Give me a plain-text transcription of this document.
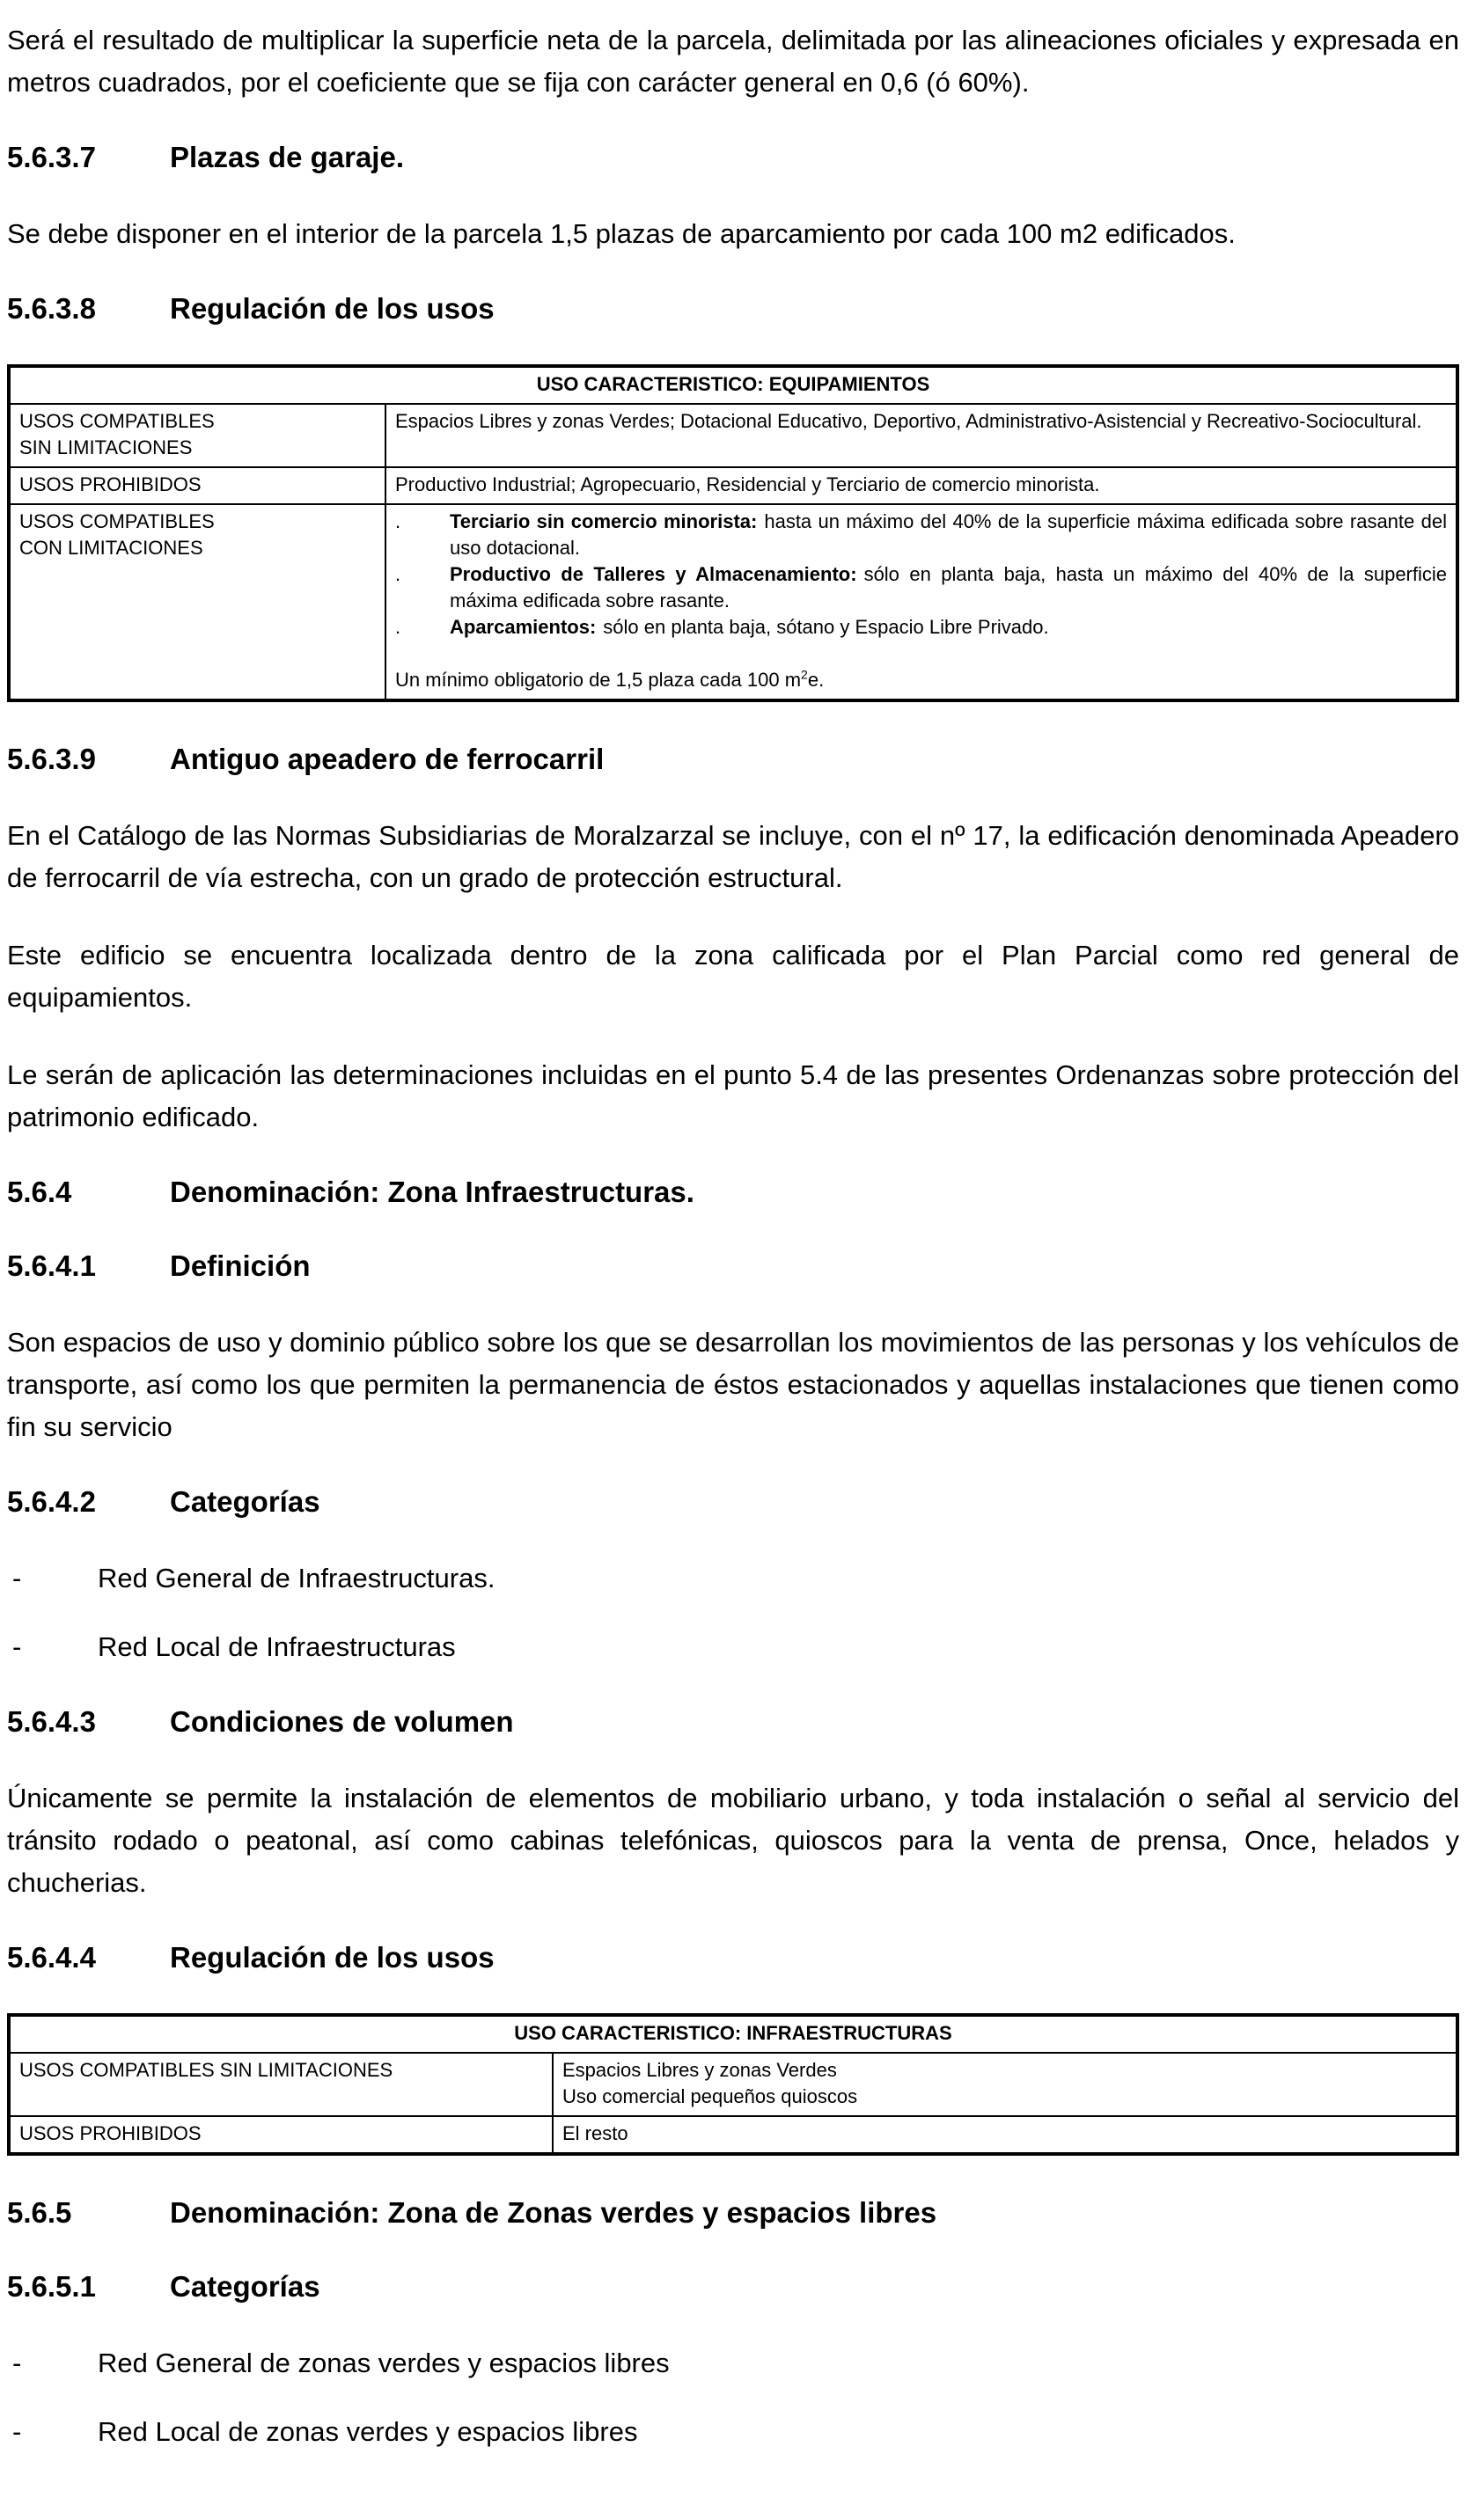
Será el resultado de multiplicar la superficie neta de la parcela, delimitada por las alineaciones oficiales y expresada en metros cuadrados, por el coeficiente que se fija con carácter general en 0,6 (ó 60%).

5.6.3.7	Plazas de garaje.

Se debe disponer en el interior de la parcela 1,5 plazas de aparcamiento por cada 100 m2 edificados.

5.6.3.8	Regulación de los usos
USO CARACTERISTICO: EQUIPAMIENTOS	

USOS COMPATIBLES
SIN LIMITACIONES	Espacios Libres y zonas Verdes; Dotacional Educativo, Deportivo, Administrativo-Asistencial y Recreativo-Sociocultural.
USOS PROHIBIDOS	Productivo Industrial; Agropecuario, Residencial y Terciario de comercio minorista.

USOS COMPATIBLES
CON LIMITACIONES

.	Terciario sin comercio minorista: hasta un máximo del 40% de la superficie máxima edificada sobre rasante del uso dotacional.
.	Productivo de Talleres y Almacenamiento: sólo en planta baja, hasta un máximo del 40% de la superficie máxima edificada sobre rasante.
.	Aparcamientos: sólo en planta baja, sótano y Espacio Libre Privado.
Un mínimo obligatorio de 1,5 plaza cada 100 $m^2e$.
5.6.3.9	Antiguo apeadero de ferrocarril

En el Catálogo de las Normas Subsidiarias de Moralzarzal se incluye, con el nº 17, la edificación denominada Apeadero de ferrocarril de vía estrecha, con un grado de protección estructural.

Este edificio se encuentra localizada dentro de la zona calificada por el Plan Parcial como red general de equipamientos.

Le serán de aplicación las determinaciones incluidas en el punto 5.4 de las presentes Ordenanzas sobre protección del patrimonio edificado.

5.6.4	Denominación: Zona Infraestructuras.
5.6.4.1	Definición

Son espacios de uso y dominio público sobre los que se desarrollan los movimientos de las personas y los vehículos de transporte, así como los que permiten la permanencia de éstos estacionados y aquellas instalaciones que tienen como fin su servicio

5.6.4.2	Categorías
-	Red General de Infraestructuras.
-	Red Local de Infraestructuras
5.6.4.3	Condiciones de volumen

Únicamente se permite la instalación de elementos de mobiliario urbano, y toda instalación o señal al servicio del tránsito rodado o peatonal, así como cabinas telefónicas, quioscos para la venta de prensa, Once, helados y chucherias.

5.6.4.4	Regulación de los usos
USO CARACTERISTICO: INFRAESTRUCTURAS	
USOS COMPATIBLES SIN LIMITACIONES	Espacios Libres y zonas Verdes
Uso comercial pequeños quioscos

USOS PROHIBIDOS	El resto
5.6.5	Denominación: Zona de Zonas verdes y espacios libres
5.6.5.1	Categorías
-	Red General de zonas verdes y espacios libres
-	Red Local de zonas verdes y espacios libres
